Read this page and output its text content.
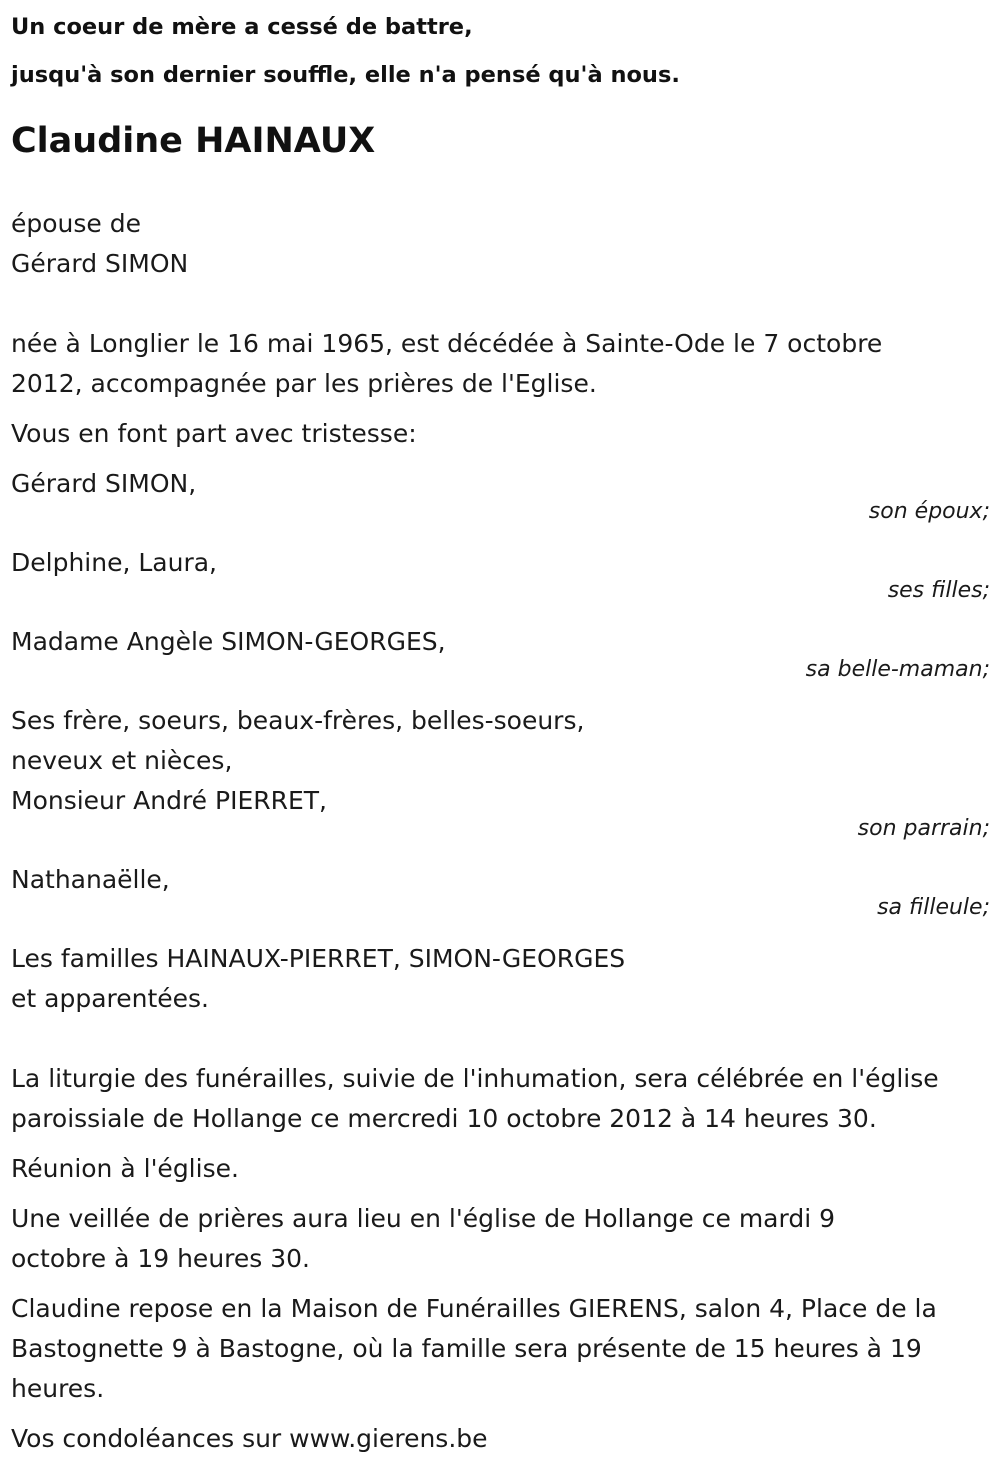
Un coeur de mère a cessé de battre,

jusqu'à son dernier souffle, elle n'a pensé qu'à nous.

Claudine HAINAUX

épouse de

Gérard SIMON

née à Longlier le 16 mai 1965, est décédée à Sainte-Ode le 7 octobre

2012, accompagnée par les prières de l'Eglise.

Vous en font part avec tristesse:

Gérard SIMON,

son époux;

Delphine, Laura,

ses filles;

Madame Angèle SIMON-GEORGES,

sa belle-maman;

Ses frère, soeurs, beaux-frères, belles-soeurs,

neveux et nièces,

Monsieur André PIERRET,

son parrain;

Nathanaëlle,

sa filleule;

Les familles HAINAUX-PIERRET, SIMON-GEORGES

et apparentées.

La liturgie des funérailles, suivie de l'inhumation, sera célébrée en l'église

paroissiale de Hollange ce mercredi 10 octobre 2012 à 14 heures 30.

Réunion à l'église.

Une veillée de prières aura lieu en l'église de Hollange ce mardi 9

octobre à 19 heures 30.

Claudine repose en la Maison de Funérailles GIERENS, salon 4, Place de la

Bastognette 9 à Bastogne, où la famille sera présente de 15 heures à 19

heures.

Vos condoléances sur www.gierens.be
